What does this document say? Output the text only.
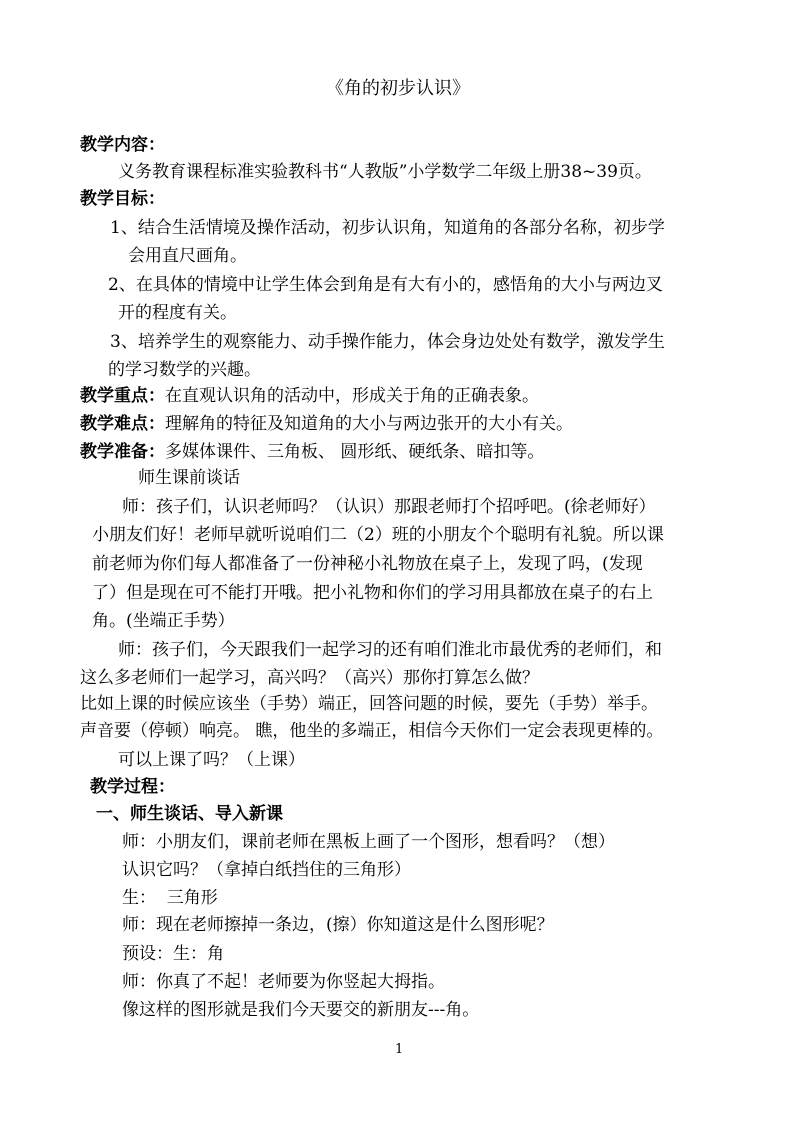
《角的初步认识》
教学内容：
义务教育课程标准实验教科书“人教版”小学数学二年级上册38~39页。
教学目标：
1、结合生活情境及操作活动，初步认识角，知道角的各部分名称，初步学
会用直尺画角。
2、在具体的情境中让学生体会到角是有大有小的，感悟角的大小与两边叉
开的程度有关。
3、培养学生的观察能力、动手操作能力，体会身边处处有数学，激发学生
的学习数学的兴趣。
教学重点：在直观认识角的活动中，形成关于角的正确表象。
教学难点：理解角的特征及知道角的大小与两边张开的大小有关。
教学准备：多媒体课件、三角板、 圆形纸、硬纸条、暗扣等。
师生课前谈话
师：孩子们，认识老师吗？（认识）那跟老师打个招呼吧。(徐老师好）
小朋友们好！老师早就听说咱们二（2）班的小朋友个个聪明有礼貌。所以课
前老师为你们每人都准备了一份神秘小礼物放在桌子上，发现了吗，(发现
了）但是现在可不能打开哦。把小礼物和你们的学习用具都放在桌子的右上
角。(坐端正手势）
师：孩子们，今天跟我们一起学习的还有咱们淮北市最优秀的老师们，和
这么多老师们一起学习，高兴吗？（高兴）那你打算怎么做？
比如上课的时候应该坐（手势）端正，回答问题的时候，要先（手势）举手。
声音要（停顿）响亮。 瞧，他坐的多端正，相信今天你们一定会表现更棒的。
可以上课了吗？（上课）
教学过程：
一、师生谈话、导入新课
师：小朋友们，课前老师在黑板上画了一个图形，想看吗？（想）
认识它吗？（拿掉白纸挡住的三角形）
生：  三角形
师：现在老师擦掉一条边，(擦）你知道这是什么图形呢？
预设：生：角
师：你真了不起！老师要为你竖起大拇指。
像这样的图形就是我们今天要交的新朋友---角。
1
